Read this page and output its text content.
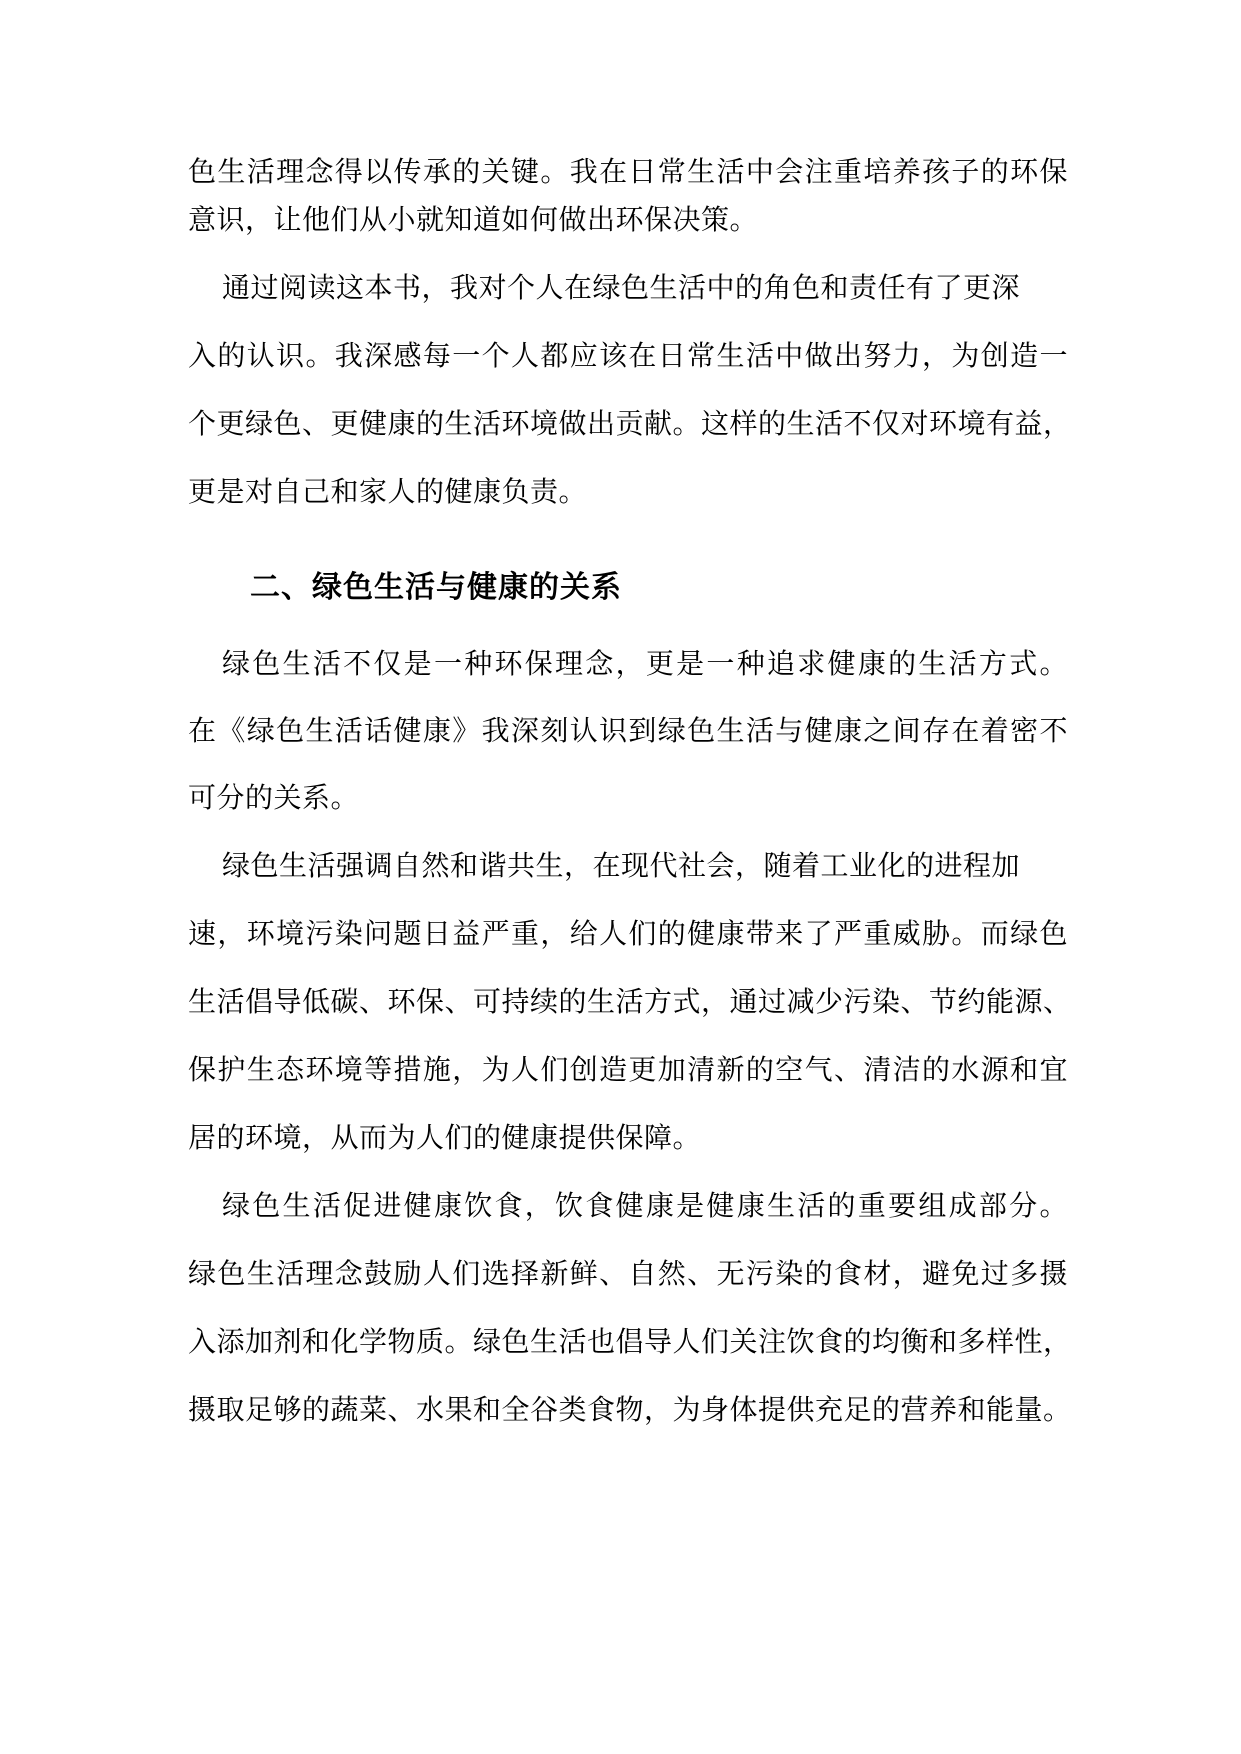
色生活理念得以传承的关键。我在日常生活中会注重培养孩子的环保
意识，让他们从小就知道如何做出环保决策。
通过阅读这本书，我对个人在绿色生活中的角色和责任有了更深
入的认识。我深感每一个人都应该在日常生活中做出努力，为创造一
个更绿色、更健康的生活环境做出贡献。这样的生活不仅对环境有益，
更是对自己和家人的健康负责。
二、绿色生活与健康的关系
绿色生活不仅是一种环保理念，更是一种追求健康的生活方式。
在《绿色生活话健康》我深刻认识到绿色生活与健康之间存在着密不
可分的关系。
绿色生活强调自然和谐共生，在现代社会，随着工业化的进程加
速，环境污染问题日益严重，给人们的健康带来了严重威胁。而绿色
生活倡导低碳、环保、可持续的生活方式，通过减少污染、节约能源、
保护生态环境等措施，为人们创造更加清新的空气、清洁的水源和宜
居的环境，从而为人们的健康提供保障。
绿色生活促进健康饮食，饮食健康是健康生活的重要组成部分。
绿色生活理念鼓励人们选择新鲜、自然、无污染的食材，避免过多摄
入添加剂和化学物质。绿色生活也倡导人们关注饮食的均衡和多样性，
摄取足够的蔬菜、水果和全谷类食物，为身体提供充足的营养和能量。
